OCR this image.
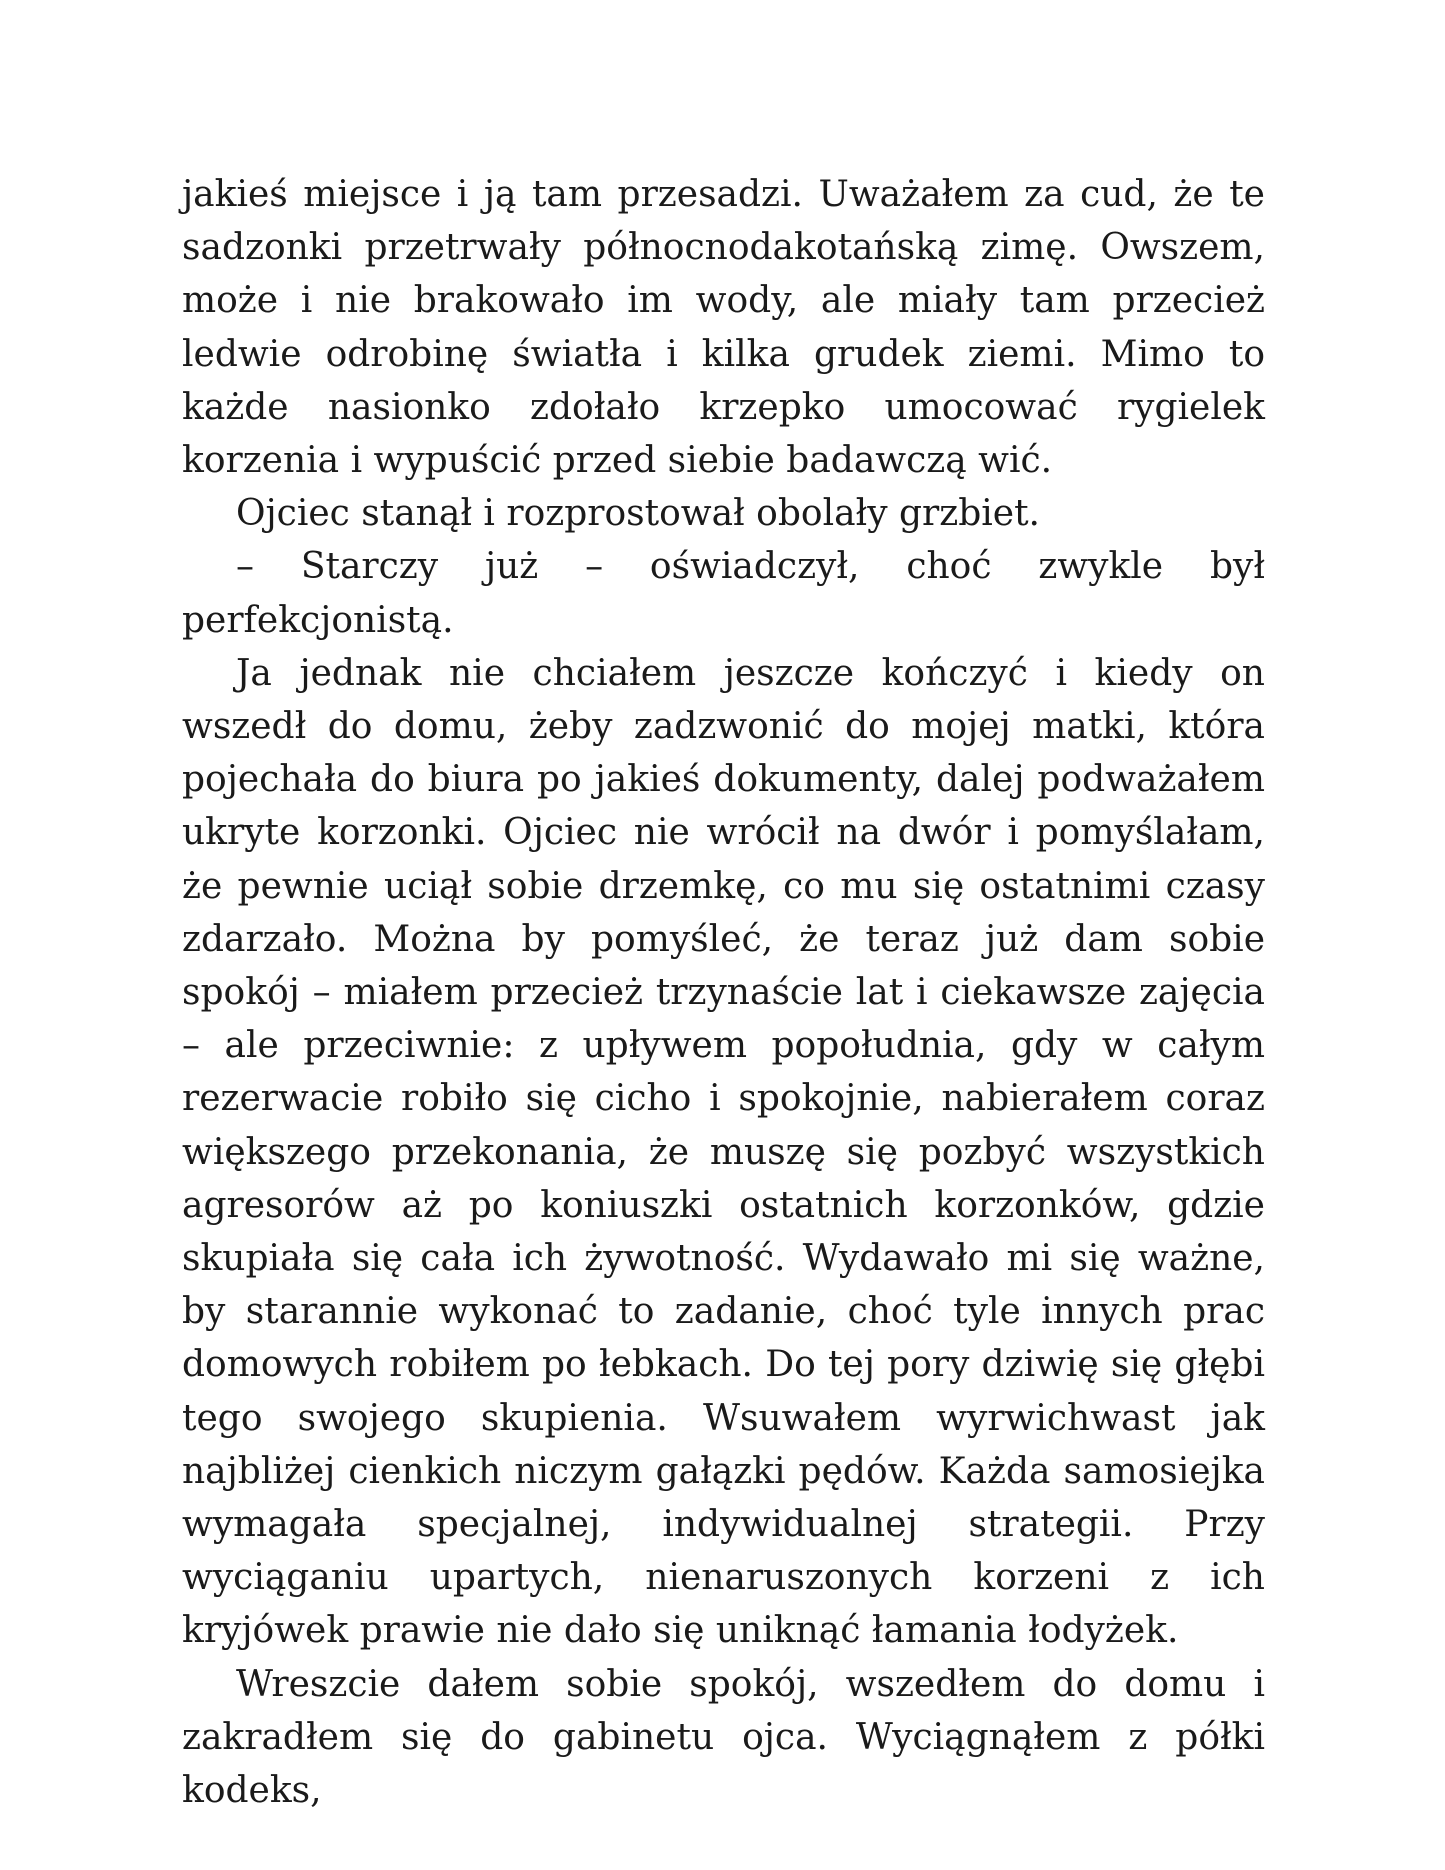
jakieś miejsce i ją tam przesadzi. Uważałem za cud, że te sadzonki przetrwały północnodakotańską zimę. Owszem, może i nie brakowało im wody, ale miały tam przecież ledwie odrobinę światła i kilka grudek ziemi. Mimo to każde nasionko zdołało krzepko umocować rygielek korzenia i wypuścić przed siebie badawczą wić.

Ojciec stanął i rozprostował obolały grzbiet.

– Starczy już – oświadczył, choć zwykle był perfekcjonistą.

Ja jednak nie chciałem jeszcze kończyć i kiedy on wszedł do domu, żeby zadzwonić do mojej matki, która pojechała do biura po jakieś dokumenty, dalej podważałem ukryte korzonki. Ojciec nie wrócił na dwór i pomyślałam, że pewnie uciął sobie drzemkę, co mu się ostatnimi czasy zdarzało. Można by pomyśleć, że teraz już dam sobie spokój – miałem przecież trzynaście lat i ciekawsze zajęcia – ale przeciwnie: z upływem popołudnia, gdy w całym rezerwacie robiło się cicho i spokojnie, nabierałem coraz większego przekonania, że muszę się pozbyć wszystkich agresorów aż po koniuszki ostatnich korzonków, gdzie skupiała się cała ich żywotność. Wydawało mi się ważne, by starannie wykonać to zadanie, choć tyle innych prac domowych robiłem po łebkach. Do tej pory dziwię się głębi tego swojego skupienia. Wsuwałem wyrwichwast jak najbliżej cienkich niczym gałązki pędów. Każda samosiejka wymagała specjalnej, indywidualnej strategii. Przy wyciąganiu upartych, nienaruszonych korzeni z ich kryjówek prawie nie dało się uniknąć łamania łodyżek.

Wreszcie dałem sobie spokój, wszedłem do domu i zakradłem się do gabinetu ojca. Wyciągnąłem z półki kodeks,
